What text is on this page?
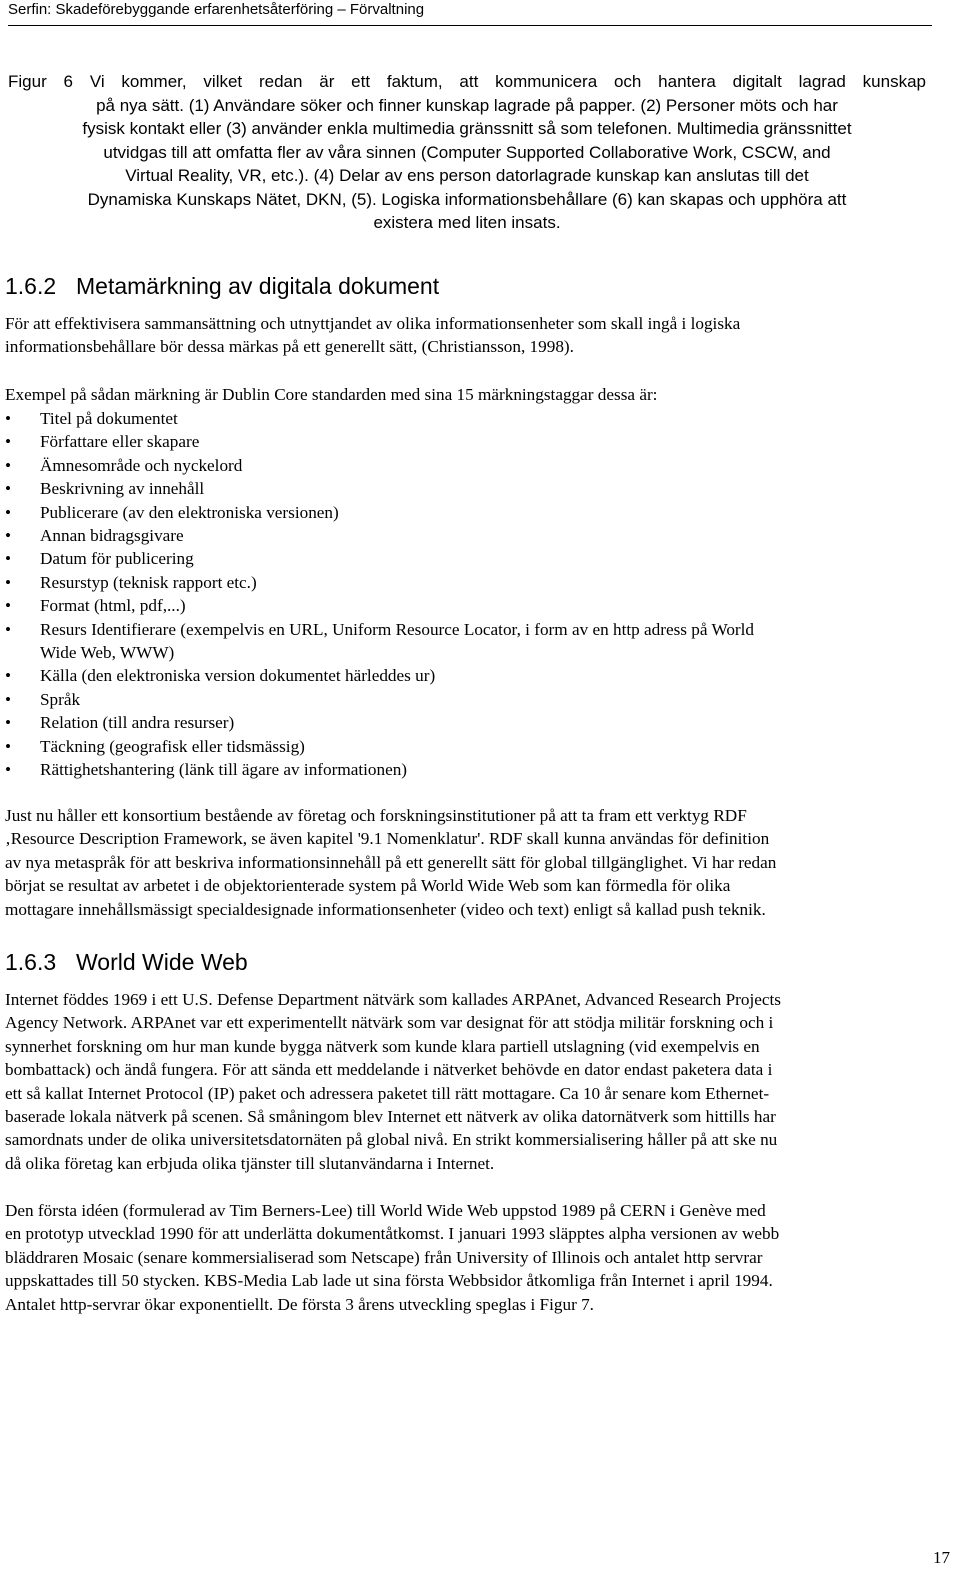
Serfin: Skadeförebyggande erfarenhetsåterföring – Förvaltning
Figur 6 Vi kommer, vilket redan är ett faktum, att kommunicera och hantera digitalt lagrad kunskap
på nya sätt. (1) Användare söker och finner kunskap lagrade på papper. (2) Personer möts och har
fysisk kontakt eller (3) använder enkla multimedia gränssnitt så som telefonen. Multimedia gränssnittet
utvidgas till att omfatta fler av våra sinnen (Computer Supported Collaborative Work, CSCW, and
Virtual Reality, VR, etc.). (4) Delar av ens person datorlagrade kunskap kan anslutas till det
Dynamiska Kunskaps Nätet, DKN, (5). Logiska informationsbehållare (6) kan skapas och upphöra att
existera med liten insats.
1.6.2 Metamärkning av digitala dokument
För att effektivisera sammansättning och utnyttjandet av olika informationsenheter som skall ingå i logiska
informationsbehållare bör dessa märkas på ett generellt sätt, (Christiansson, 1998).
Exempel på sådan märkning är Dublin Core standarden med sina 15 märkningstaggar dessa är:
• Titel på dokumentet
• Författare eller skapare
• Ämnesområde och nyckelord
• Beskrivning av innehåll
• Publicerare (av den elektroniska versionen)
• Annan bidragsgivare
• Datum för publicering
• Resurstyp (teknisk rapport etc.)
• Format (html, pdf,...)
• Resurs Identifierare (exempelvis en URL, Uniform Resource Locator, i form av en http adress på World
Wide Web, WWW)
• Källa (den elektroniska version dokumentet härleddes ur)
• Språk
• Relation (till andra resurser)
• Täckning (geografisk eller tidsmässig)
• Rättighetshantering (länk till ägare av informationen)
Just nu håller ett konsortium bestående av företag och forskningsinstitutioner på att ta fram ett verktyg RDF
‚Resource Description Framework, se även kapitel '9.1 Nomenklatur'. RDF skall kunna användas för definition
av nya metaspråk för att beskriva informationsinnehåll på ett generellt sätt för global tillgänglighet. Vi har redan
börjat se resultat av arbetet i de objektorienterade system på World Wide Web som kan förmedla för olika
mottagare innehållsmässigt specialdesignade informationsenheter (video och text) enligt så kallad push teknik.
1.6.3 World Wide Web
Internet föddes 1969 i ett U.S. Defense Department nätvärk som kallades ARPAnet, Advanced Research Projects
Agency Network. ARPAnet var ett experimentellt nätvärk som var designat för att stödja militär forskning och i
synnerhet forskning om hur man kunde bygga nätverk som kunde klara partiell utslagning (vid exempelvis en
bombattack) och ändå fungera. För att sända ett meddelande i nätverket behövde en dator endast paketera data i
ett så kallat Internet Protocol (IP) paket och adressera paketet till rätt mottagare. Ca 10 år senare kom Ethernet-
baserade lokala nätverk på scenen. Så småningom blev Internet ett nätverk av olika datornätverk som hittills har
samordnats under de olika universitetsdatornäten på global nivå. En strikt kommersialisering håller på att ske nu
då olika företag kan erbjuda olika tjänster till slutanvändarna i Internet.
Den första idéen (formulerad av Tim Berners-Lee) till World Wide Web uppstod 1989 på CERN i Genève med
en prototyp utvecklad 1990 för att underlätta dokumentåtkomst. I januari 1993 släpptes alpha versionen av webb
bläddraren Mosaic (senare kommersialiserad som Netscape) från University of Illinois och antalet http servrar
uppskattades till 50 stycken. KBS-Media Lab lade ut sina första Webbsidor åtkomliga från Internet i april 1994.
Antalet http-servrar ökar exponentiellt. De första 3 årens utveckling speglas i Figur 7.
17
